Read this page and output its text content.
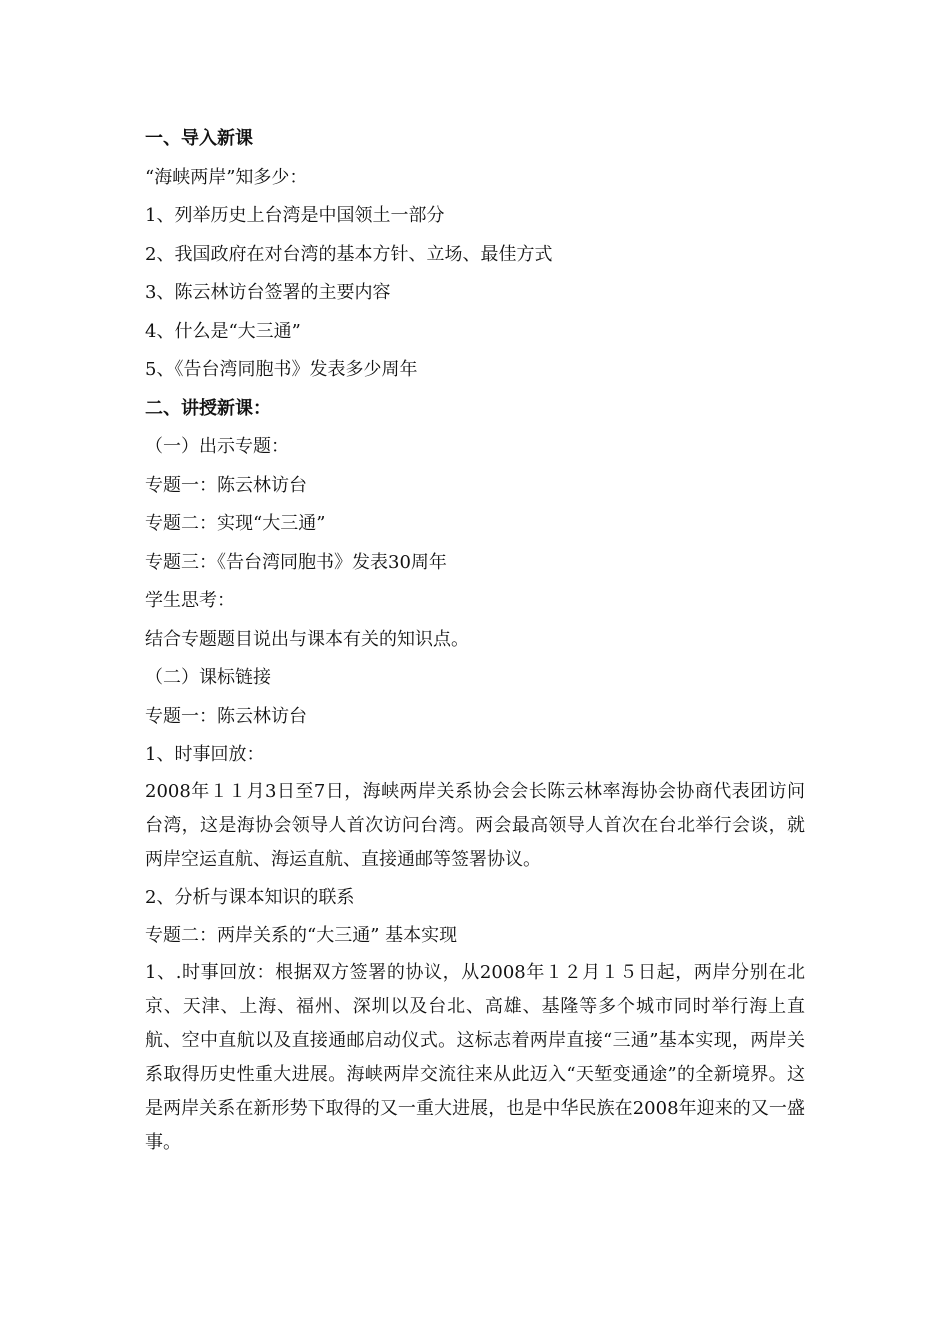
一、导入新课

“海峡两岸”知多少：

1、列举历史上台湾是中国领土一部分

2、我国政府在对台湾的基本方针、立场、最佳方式

3、陈云林访台签署的主要内容

4、什么是“大三通”

5、《告台湾同胞书》发表多少周年

二、讲授新课：

（一）出示专题：

专题一：陈云林访台

专题二：实现“大三通”

专题三：《告台湾同胞书》发表30周年

学生思考：

结合专题题目说出与课本有关的知识点。

（二）课标链接

专题一：陈云林访台

1、时事回放：

2008年１１月3日至7日，海峡两岸关系协会会长陈云林率海协会协商代表团访问台湾，这是海协会领导人首次访问台湾。两会最高领导人首次在台北举行会谈，就两岸空运直航、海运直航、直接通邮等签署协议。

2、分析与课本知识的联系

专题二：两岸关系的“大三通” 基本实现

1、.时事回放：根据双方签署的协议，从2008年１２月１５日起，两岸分别在北京、天津、上海、福州、深圳以及台北、高雄、基隆等多个城市同时举行海上直航、空中直航以及直接通邮启动仪式。这标志着两岸直接“三通”基本实现，两岸关系取得历史性重大进展。海峡两岸交流往来从此迈入“天堑变通途”的全新境界。这是两岸关系在新形势下取得的又一重大进展，也是中华民族在2008年迎来的又一盛事。
